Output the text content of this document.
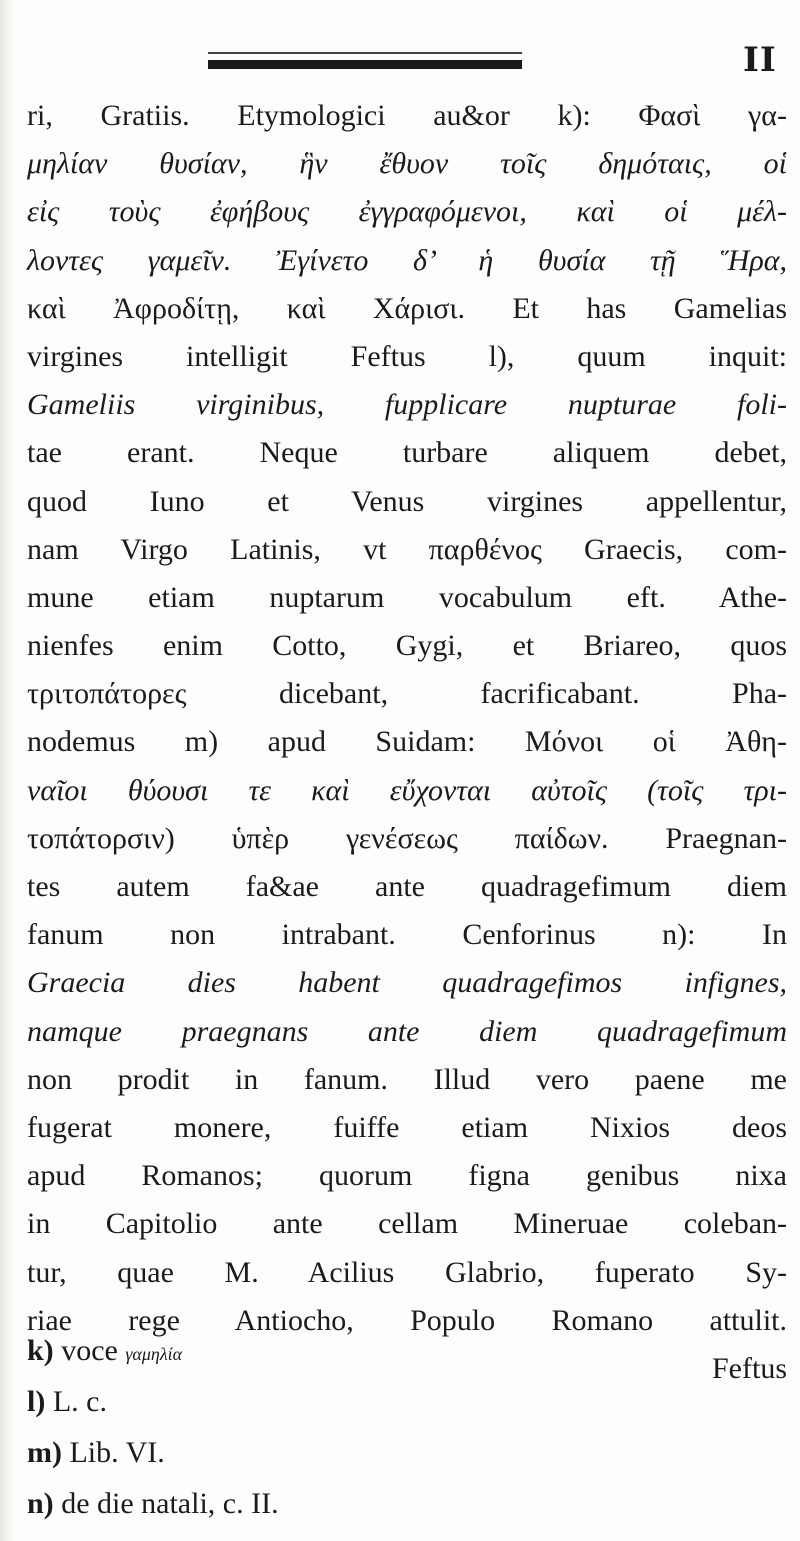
II
ri, Gratiis. Etymologici au&or k): Φασὶ γα-
μηλίαν θυσίαν, ἣν ἔθυον τοῖς δημόταις, οἱ
εἰς τοὺς ἐφήβους ἐγγραφόμενοι, καὶ οἱ μέλ-
λοντες γαμεῖν. Ἐγίνετο δ’ ἡ θυσία τῇ Ἥρα,
καὶ Ἀφροδίτῃ, καὶ Χάρισι. Et has Gamelias
virgines intelligit Feftus l), quum inquit:
Gameliis virginibus, fupplicare nupturae foli-
tae erant. Neque turbare aliquem debet,
quod Iuno et Venus virgines appellentur,
nam Virgo Latinis, vt παρθένος Graecis, com-
mune etiam nuptarum vocabulum eft. Athe-
nienfes enim Cotto, Gygi, et Briareo, quos
τριτοπάτορες dicebant, facrificabant. Pha-
nodemus m) apud Suidam: Μόνοι οἱ Ἀθη-
ναῖοι θύουσι τε καὶ εὔχονται αὐτοῖς (τοῖς τρι-
τοπάτορσιν) ὑπὲρ γενέσεως παίδων. Praegnan-
tes autem fa&ae ante quadragefimum diem
fanum non intrabant. Cenforinus n): In
Graecia dies habent quadragefimos infignes,
namque praegnans ante diem quadragefimum
non prodit in fanum. Illud vero paene me
fugerat monere, fuiffe etiam Nixios deos
apud Romanos; quorum figna genibus nixa
in Capitolio ante cellam Mineruae coleban-
tur, quae M. Acilius Glabrio, fuperato Sy-
riae rege Antiocho, Populo Romano attulit.
Feftus
k) voce γαμηλία
l) L. c.
m) Lib. VI.
n) de die natali, c. II.
